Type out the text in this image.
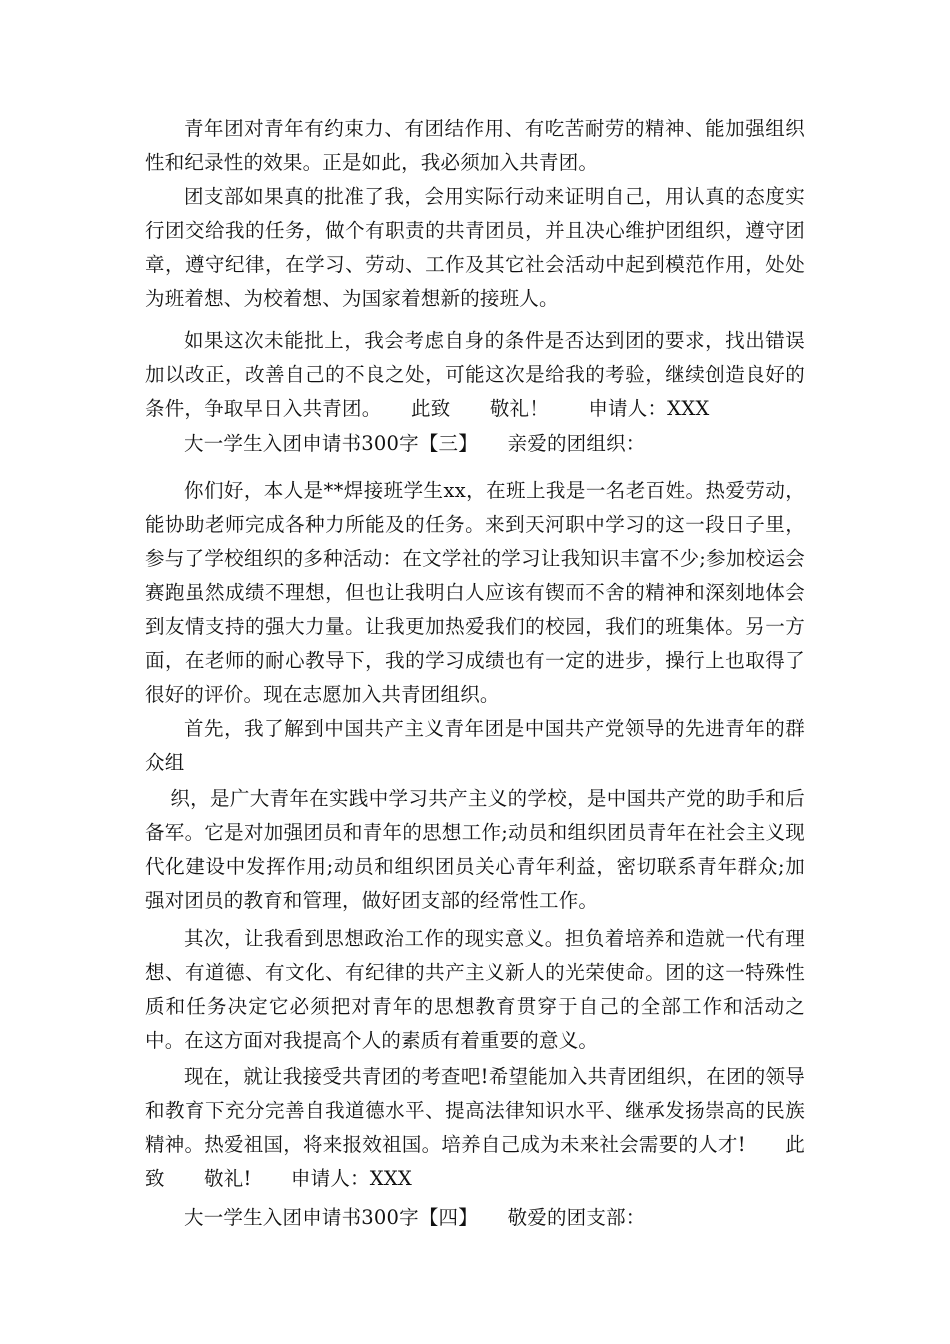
青年团对青年有约束力、有团结作用、有吃苦耐劳的精神、能加强组织性和纪录性的效果。正是如此，我必须加入共青团。

团支部如果真的批准了我，会用实际行动来证明自己，用认真的态度实行团交给我的任务，做个有职责的共青团员，并且决心维护团组织，遵守团章，遵守纪律，在学习、劳动、工作及其它社会活动中起到模范作用，处处为班着想、为校着想、为国家着想新的接班人。

如果这次未能批上，我会考虑自身的条件是否达到团的要求，找出错误加以改正，改善自己的不良之处，可能这次是给我的考验，继续创造良好的条件，争取早日入共青团。　　此致　　敬礼！　　申请人：XXX

大一学生入团申请书300字【三】　　亲爱的团组织：

你们好，本人是**焊接班学生xx，在班上我是一名老百姓。热爱劳动，能协助老师完成各种力所能及的任务。来到天河职中学习的这一段日子里，参与了学校组织的多种活动：在文学社的学习让我知识丰富不少;参加校运会赛跑虽然成绩不理想，但也让我明白人应该有锲而不舍的精神和深刻地体会到友情支持的强大力量。让我更加热爱我们的校园，我们的班集体。另一方面，在老师的耐心教导下，我的学习成绩也有一定的进步，操行上也取得了很好的评价。现在志愿加入共青团组织。

首先，我了解到中国共产主义青年团是中国共产党领导的先进青年的群众组

织，是广大青年在实践中学习共产主义的学校，是中国共产党的助手和后备军。它是对加强团员和青年的思想工作;动员和组织团员青年在社会主义现代化建设中发挥作用;动员和组织团员关心青年利益，密切联系青年群众;加强对团员的教育和管理，做好团支部的经常性工作。

其次，让我看到思想政治工作的现实意义。担负着培养和造就一代有理想、有道德、有文化、有纪律的共产主义新人的光荣使命。团的这一特殊性质和任务决定它必须把对青年的思想教育贯穿于自己的全部工作和活动之中。在这方面对我提高个人的素质有着重要的意义。

现在，就让我接受共青团的考查吧!希望能加入共青团组织，在团的领导和教育下充分完善自我道德水平、提高法律知识水平、继承发扬崇高的民族精神。热爱祖国，将来报效祖国。培养自己成为未来社会需要的人才!　　此致　　敬礼!　　申请人：XXX

大一学生入团申请书300字【四】　　敬爱的团支部：
